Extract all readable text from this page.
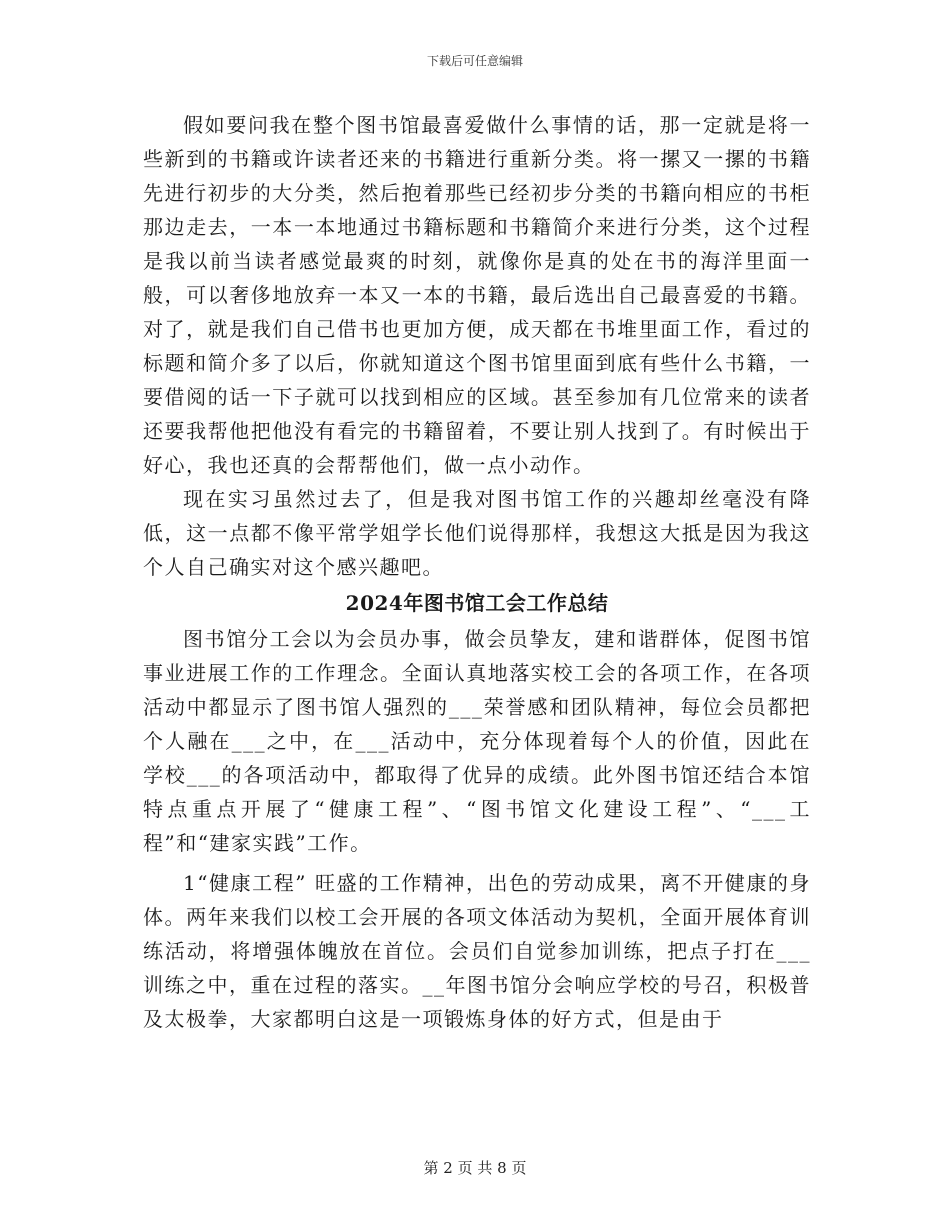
下载后可任意编辑

假如要问我在整个图书馆最喜爱做什么事情的话，那一定就是将一些新到的书籍或许读者还来的书籍进行重新分类。将一摞又一摞的书籍先进行初步的大分类，然后抱着那些已经初步分类的书籍向相应的书柜那边走去，一本一本地通过书籍标题和书籍简介来进行分类，这个过程是我以前当读者感觉最爽的时刻，就像你是真的处在书的海洋里面一般，可以奢侈地放弃一本又一本的书籍，最后选出自己最喜爱的书籍。对了，就是我们自己借书也更加方便，成天都在书堆里面工作，看过的标题和简介多了以后，你就知道这个图书馆里面到底有些什么书籍，一要借阅的话一下子就可以找到相应的区域。甚至参加有几位常来的读者还要我帮他把他没有看完的书籍留着，不要让别人找到了。有时候出于好心，我也还真的会帮帮他们，做一点小动作。

现在实习虽然过去了，但是我对图书馆工作的兴趣却丝毫没有降低，这一点都不像平常学姐学长他们说得那样，我想这大抵是因为我这个人自己确实对这个感兴趣吧。

2024年图书馆工会工作总结

图书馆分工会以为会员办事，做会员挚友，建和谐群体，促图书馆事业进展工作的工作理念。全面认真地落实校工会的各项工作，在各项活动中都显示了图书馆人强烈的___荣誉感和团队精神，每位会员都把个人融在___之中，在___活动中，充分体现着每个人的价值，因此在学校___的各项活动中，都取得了优异的成绩。此外图书馆还结合本馆特点重点开展了“健康工程”、“图书馆文化建设工程”、“___工程”和“建家实践”工作。

1“健康工程” 旺盛的工作精神，出色的劳动成果，离不开健康的身体。两年来我们以校工会开展的各项文体活动为契机，全面开展体育训练活动，将增强体魄放在首位。会员们自觉参加训练，把点子打在___训练之中，重在过程的落实。__年图书馆分会响应学校的号召，积极普及太极拳，大家都明白这是一项锻炼身体的好方式，但是由于

第 2 页 共 8 页
